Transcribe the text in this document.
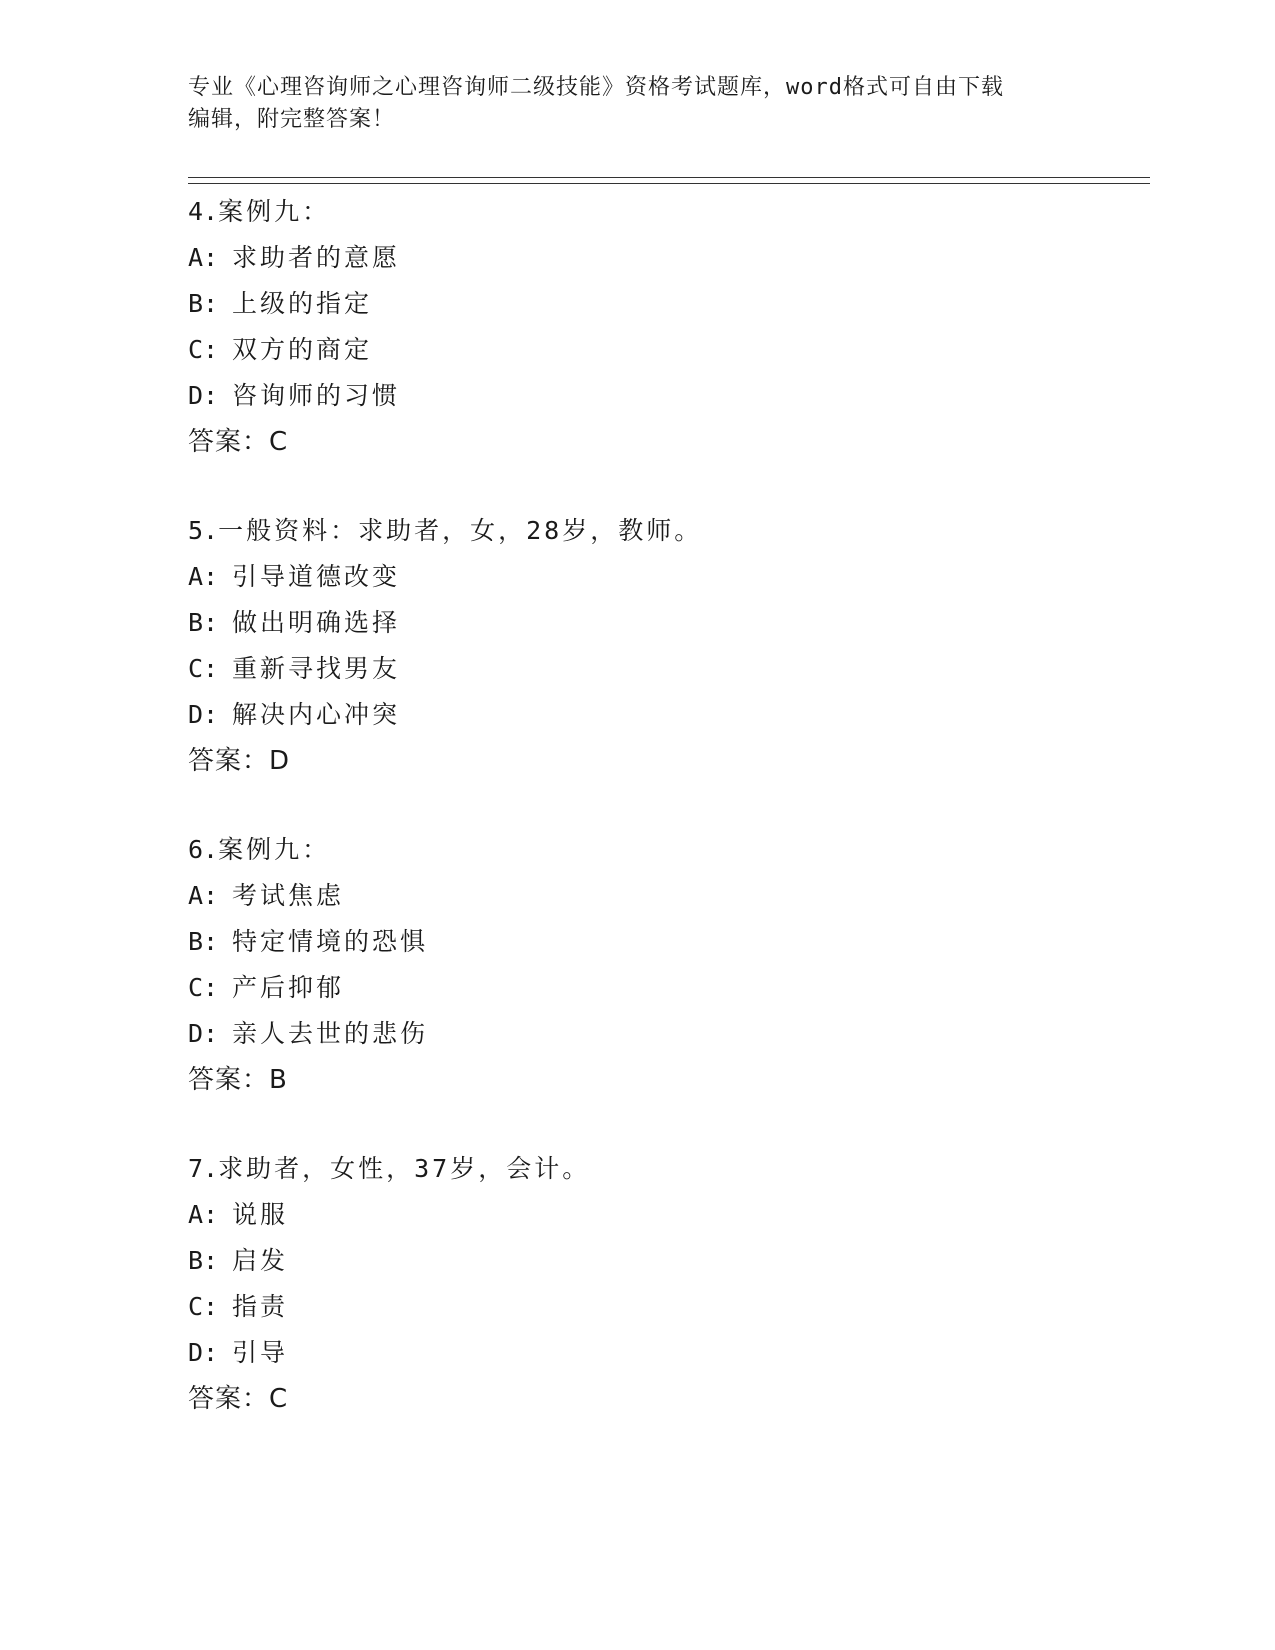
专业《心理咨询师之心理咨询师二级技能》资格考试题库，word格式可自由下载
编辑，附完整答案！
4.案例九：
A: 求助者的意愿
B: 上级的指定
C: 双方的商定
D: 咨询师的习惯
答案：C
5.一般资料：求助者，女，28岁，教师。
A: 引导道德改变
B: 做出明确选择
C: 重新寻找男友
D: 解决内心冲突
答案：D
6.案例九：
A: 考试焦虑
B: 特定情境的恐惧
C: 产后抑郁
D: 亲人去世的悲伤
答案：B
7.求助者，女性，37岁，会计。
A: 说服
B: 启发
C: 指责
D: 引导
答案：C
